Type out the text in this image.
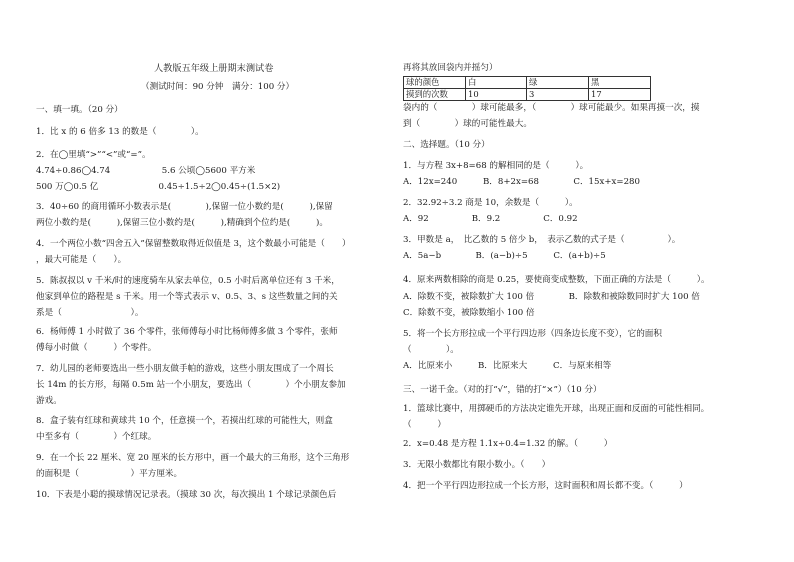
人教版五年级上册期末测试卷
（测试时间：90 分钟　满分：100 分）
一、填一填。（20 分）
1．比 x 的 6 倍多 13 的数是（　　　　）。
2．在◯里填“>”“<”或“=”。
4.74÷0.86◯4.74　　　　　　5.6 公顷◯5600 平方米
500 万◯0.5 亿　　　　　　　0.45÷1.5÷2◯0.45÷(1.5×2)
3．40÷60 的商用循环小数表示是(　　　　),保留一位小数约是(　　　),保留
两位小数约是(　　　),保留三位小数约是(　　　),精确到个位约是(　　　)。
4．一个两位小数“四舍五入”保留整数取得近似值是 3，这个数最小可能是（　　）
，最大可能是（　　）。
5．陈叔叔以 v 千米/时的速度骑车从家去单位，0.5 小时后离单位还有 3 千米，
他家到单位的路程是 s 千米。用一个等式表示 v、0.5、3、s 这些数量之间的关
系是（　　　　　　　　）。
6．杨师傅 1 小时做了 36 个零件，张师傅每小时比杨师傅多做 3 个零件，张师
傅每小时做（　　　）个零件。
7．幼儿园的老师要选出一些小朋友做手帕的游戏，这些小朋友围成了一个周长
长 14m 的长方形，每隔 0.5m 站一个小朋友，要选出（　　　　）个小朋友参加
游戏。
8．盒子装有红球和黄球共 10 个，任意摸一个，若摸出红球的可能性大，则盒
中至多有（　　　　）个红球。
9．在一个长 22 厘米、宽 20 厘米的长方形中，画一个最大的三角形，这个三角形
的面积是（　　　　　　）平方厘米。
10．下表是小聪的摸球情况记录表。（摸球 30 次，每次摸出 1 个球记录颜色后
再将其放回袋内并摇匀）
球的颜色	白	绿	黑
摸到的次数	10	3	17
袋内的（　　　　）球可能最多，（　　　　）球可能最少。如果再摸一次，摸
到（　　　　）球的可能性最大。
二、选择题。（10 分）
1．与方程 3x+8=68 的解相同的是（　　　）。
A．12x=240　　　B．8+2x=68　　　　C．15x+x=280
2．32.92÷3.2 商是 10，余数是（　　　）。
A．92　　　　　B．9.2　　　　　C．0.92
3．甲数是 a，　比乙数的 5 倍少 b，　表示乙数的式子是（　　　　　）。
A．5a−b　　　　B．(a−b)÷5　　　C．(a+b)÷5
4．原来两数相除的商是 0.25，要使商变成整数，下面正确的方法是（　　　）。
A．除数不变，被除数扩大 100 倍　　　　B．除数和被除数同时扩大 100 倍
C．除数不变，被除数缩小 100 倍
5．将一个长方形拉成一个平行四边形（四条边长度不变），它的面积
（　　　　）。
A．比原来小　　　B．比原来大　　　C．与原来相等
三、一诺千金。（对的打“√”，错的打“×”）（10 分）
1．篮球比赛中，用掷硬币的方法决定谁先开球，出现正面和反面的可能性相同。
（　　　）
2．x=0.48 是方程 1.1x÷0.4=1.32 的解。（　　　）
3．无限小数都比有限小数小。（　　）
4．把一个平行四边形拉成一个长方形，这时面积和周长都不变。（　　　）
